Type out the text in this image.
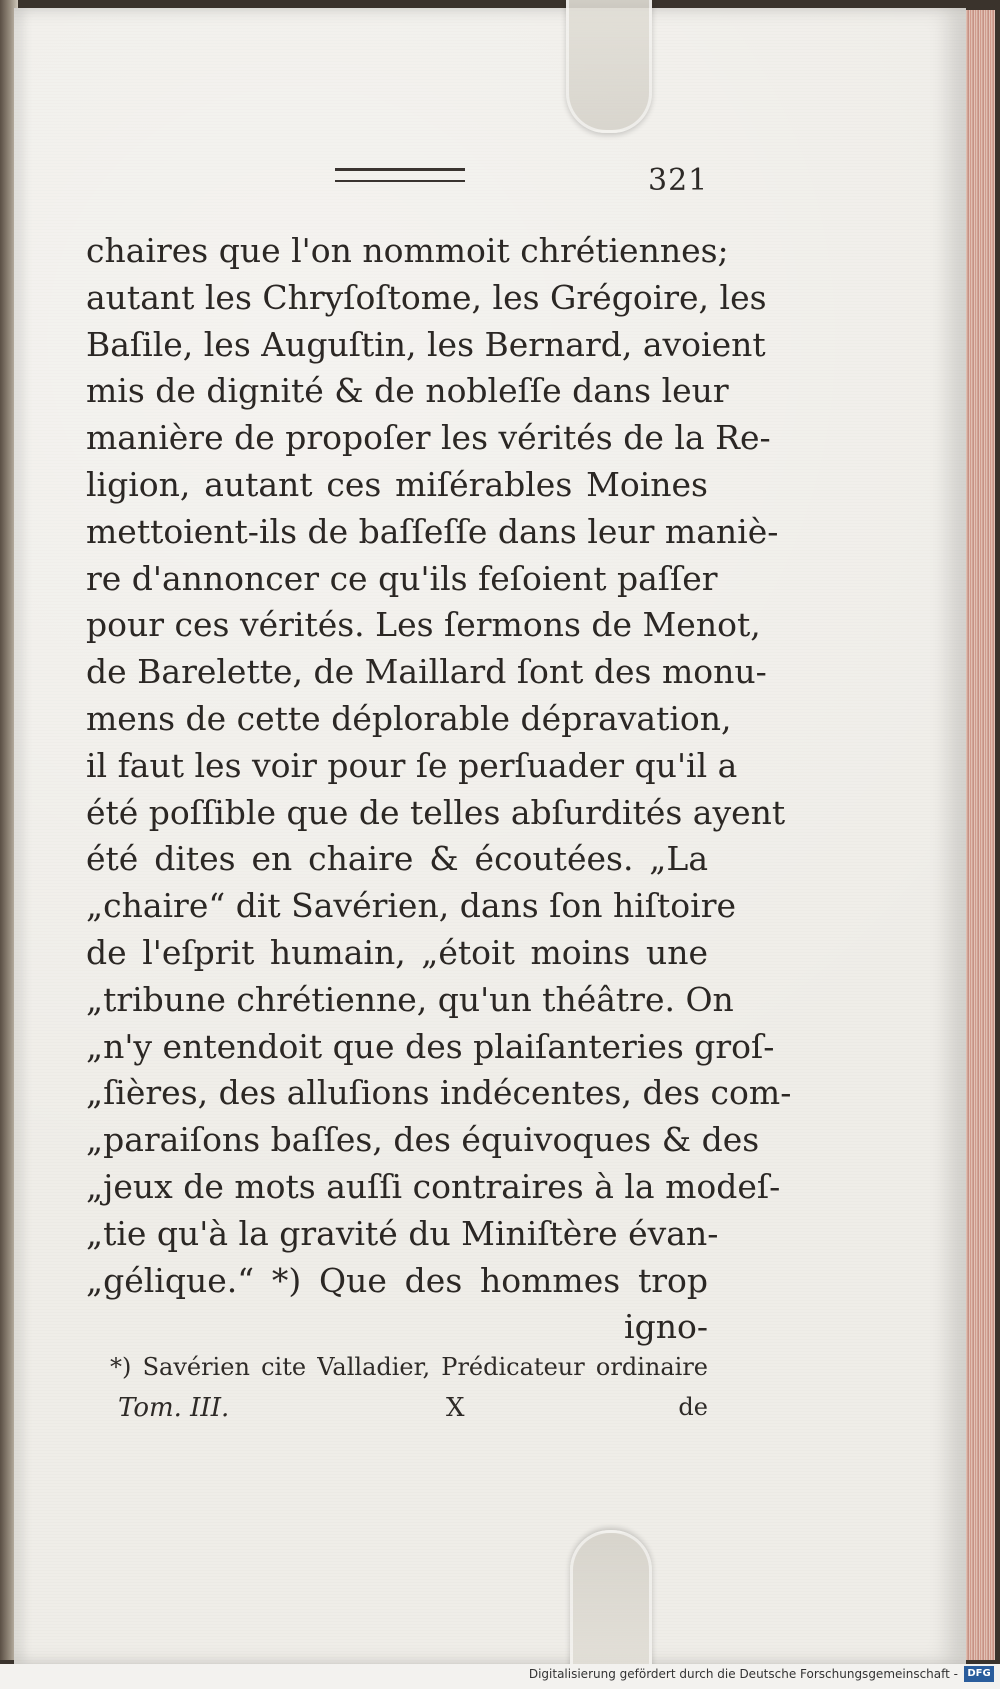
321
chaires que l'on nommoit chrétiennes;
autant les Chryſoſtome, les Grégoire, les
Baſile, les Auguſtin, les Bernard, avoient
mis de dignité & de nobleſſe dans leur
manière de propoſer les vérités de la Re-
ligion, autant ces miſérables Moines
mettoient-ils de baſſeſſe dans leur maniè-
re d'annoncer ce qu'ils feſoient paſſer
pour ces vérités. Les ſermons de Menot,
de Barelette, de Maillard ſont des monu-
mens de cette déplorable dépravation,
il faut les voir pour ſe perſuader qu'il a
été poſſible que de telles abſurdités ayent
été dites en chaire & écoutées. „La
„chaire“ dit Savérien, dans ſon hiſtoire
de l'eſprit humain, „étoit moins une
„tribune chrétienne, qu'un théâtre. On
„n'y entendoit que des plaiſanteries groſ-
„ſières, des alluſions indécentes, des com-
„paraiſons baſſes, des équivoques & des
„jeux de mots auſſi contraires à la modeſ-
„tie qu'à la gravité du Miniſtère évan-
„gélique.“ *) Que des hommes trop
igno-
*) Savérien cite Valladier, Prédicateur ordinaire
Tom. III.	X	de
Digitalisierung gefördert durch die Deutsche Forschungsgemeinschaft - DFG
